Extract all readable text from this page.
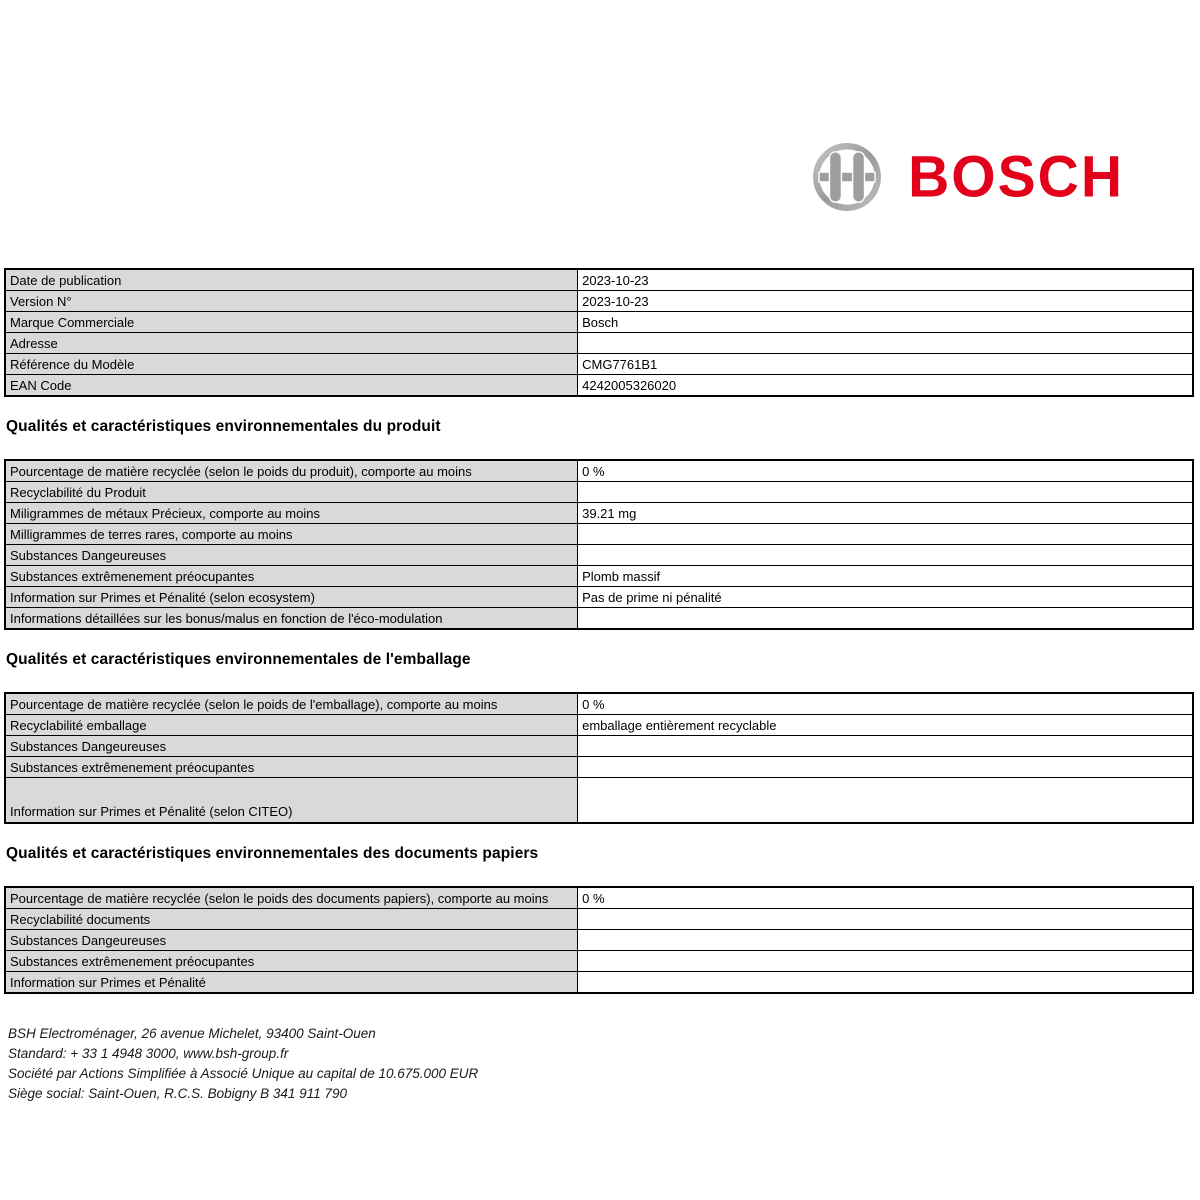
BOSCH
Date de publication	2023-10-23
Version N°	2023-10-23
Marque Commerciale	Bosch
Adresse	
Référence du Modèle	CMG7761B1
EAN Code	4242005326020
Qualités et caractéristiques environnementales du produit
Pourcentage de matière recyclée (selon le poids du produit), comporte au moins	0 %
Recyclabilité du Produit	
Miligrammes de métaux Précieux, comporte au moins	39.21 mg
Milligrammes de terres rares, comporte au moins	
Substances Dangeureuses	
Substances extrêmenement préocupantes	Plomb massif
Information sur Primes et Pénalité (selon ecosystem)	Pas de prime ni pénalité
Informations détaillées sur les bonus/malus en fonction de l'éco-modulation	
Qualités et caractéristiques environnementales de l'emballage
Pourcentage de matière recyclée (selon le poids de l'emballage), comporte au moins	0 %
Recyclabilité emballage	emballage entièrement recyclable
Substances Dangeureuses	
Substances extrêmenement préocupantes	
Information sur Primes et Pénalité (selon CITEO)	
Qualités et caractéristiques environnementales des documents papiers
Pourcentage de matière recyclée (selon le poids des documents papiers), comporte au moins	0 %
Recyclabilité documents	
Substances Dangeureuses	
Substances extrêmenement préocupantes	
Information sur Primes et Pénalité	
BSH Electroménager, 26 avenue Michelet, 93400 Saint-Ouen
Standard: + 33 1 4948 3000, www.bsh-group.fr
Société par Actions Simplifiée à Associé Unique au capital de 10.675.000 EUR
Siège social: Saint-Ouen, R.C.S. Bobigny B 341 911 790
